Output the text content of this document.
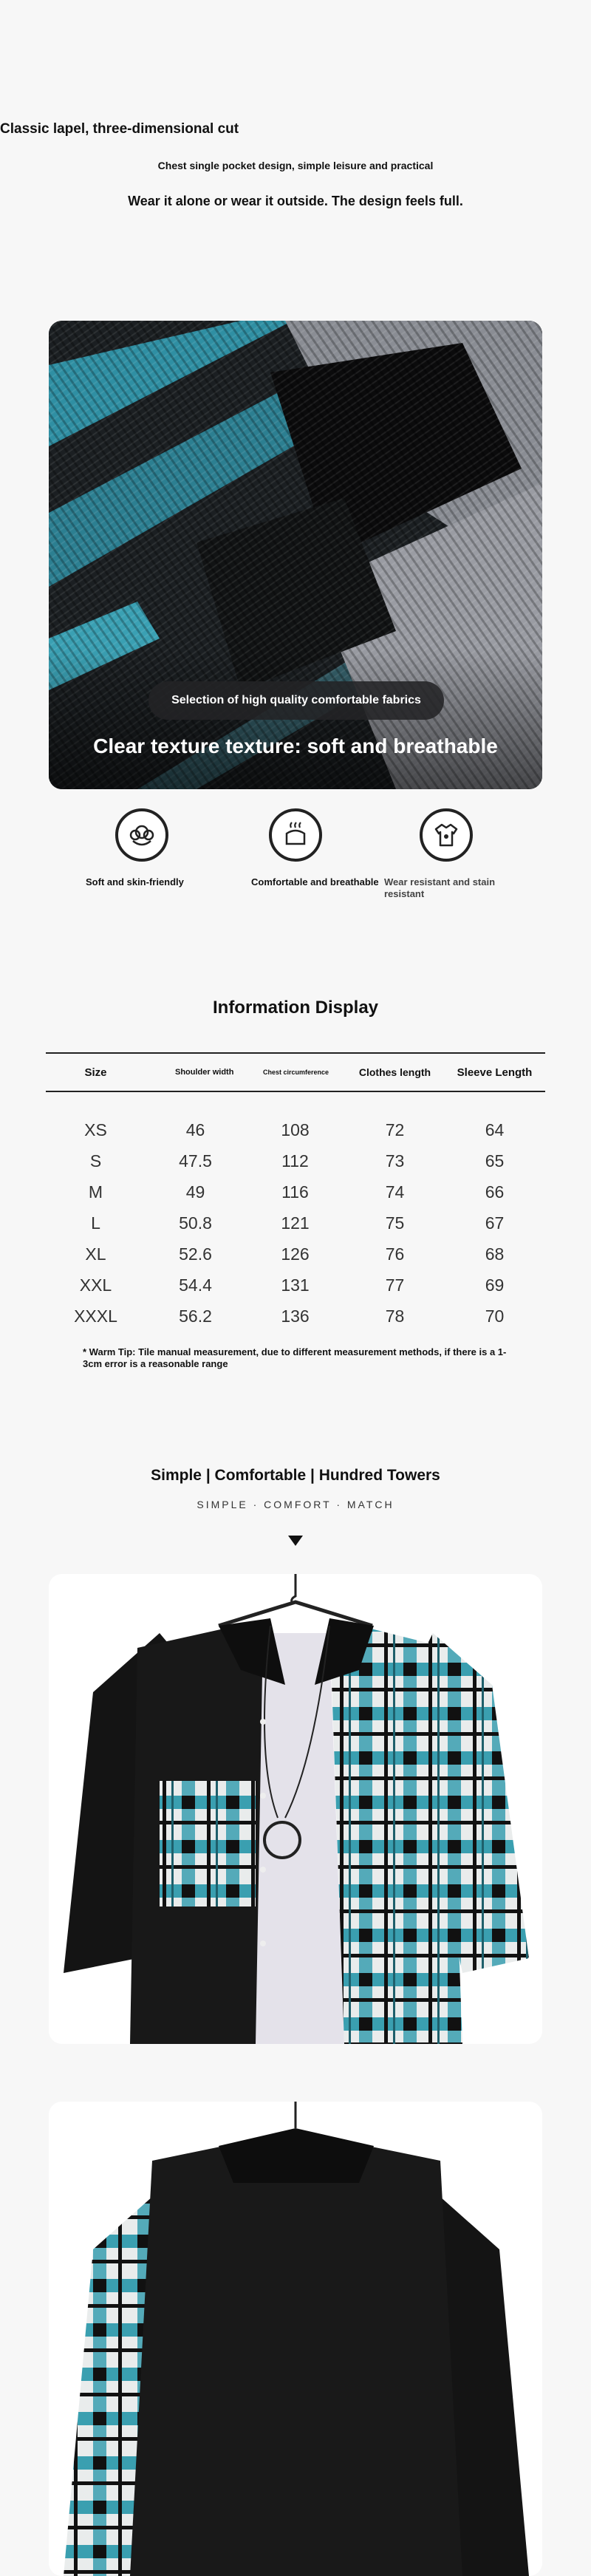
Classic lapel, three-dimensional cut
Chest single pocket design, simple leisure and practical
Wear it alone or wear it outside. The design feels full.
Selection of high quality comfortable fabrics
Clear texture texture: soft and breathable
Soft and skin-friendly	Comfortable and breathable Wear resistant and stain resistant
Information Display
Size	Shoulder width	Chest circumference	Clothes length	Sleeve Length
XS	46	108	72	64
S	47.5	112	73	65
M	49	116	74	66
L	50.8	121	75	67
XL	52.6	126	76	68
XXL	54.4	131	77	69
XXXL	56.2	136	78	70
* Warm Tip: Tile manual measurement, due to different measurement methods, if there is a 1-3cm error is a reasonable range
Simple | Comfortable | Hundred Towers
SIMPLE · COMFORT · MATCH
